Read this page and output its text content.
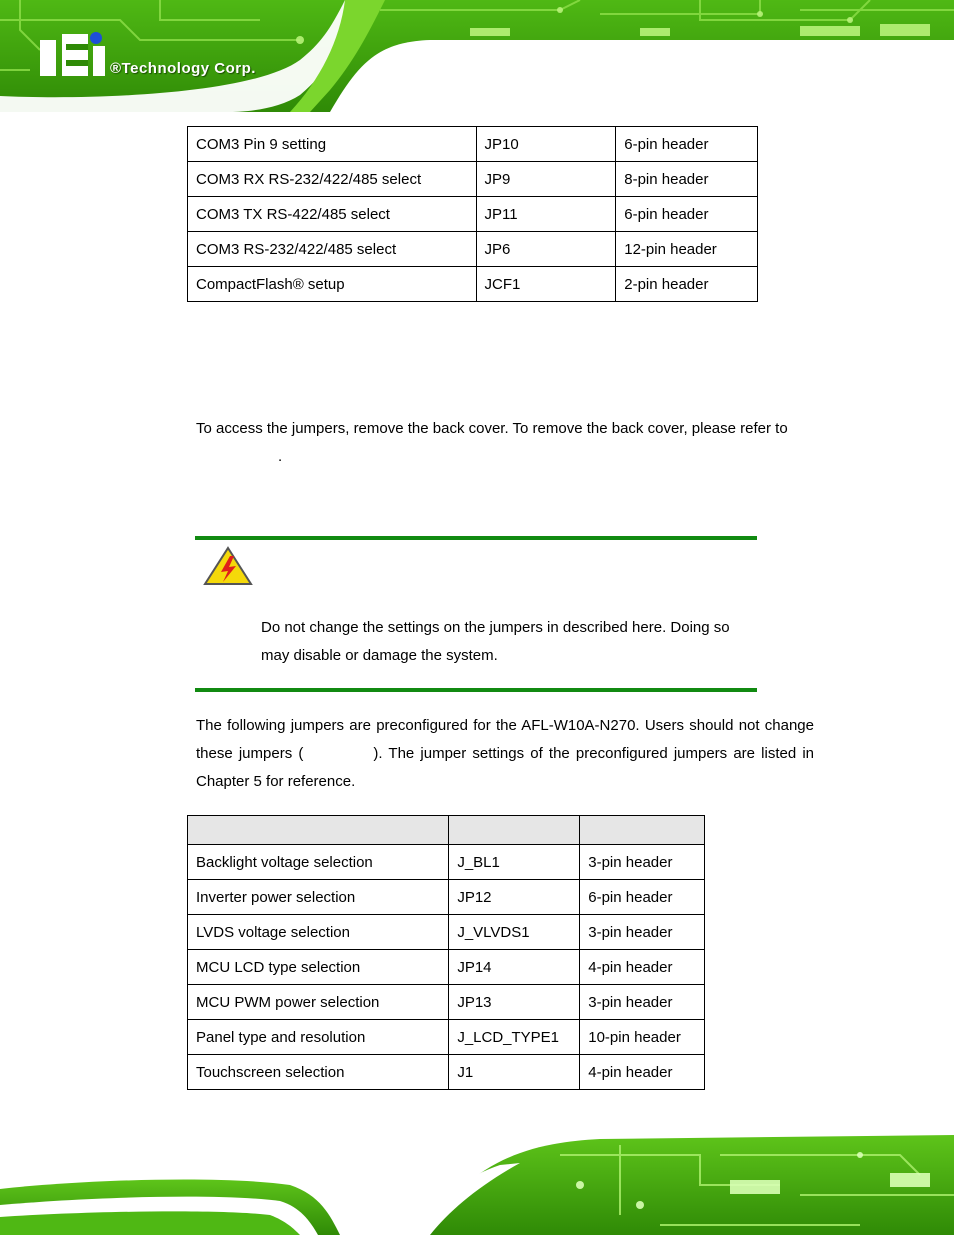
®Technology Corp.
COM3 Pin 9 setting	JP10	6-pin header
COM3 RX RS-232/422/485 select	JP9	8-pin header
COM3 TX RS-422/485 select	JP11	6-pin header
COM3 RS-232/422/485 select	JP6	12-pin header
CompactFlash® setup	JCF1	2-pin header
To access the jumpers, remove the back cover. To remove the back cover, please refer to
.
Do not change the settings on the jumpers in described here. Doing so may disable or damage the system.
The following jumpers are preconfigured for the AFL-W10A-N270. Users should not change these jumpers (	). The jumper settings of the preconfigured jumpers are listed in Chapter 5 for reference.

Backlight voltage selection	J_BL1	3-pin header
Inverter power selection	JP12	6-pin header
LVDS voltage selection	J_VLVDS1	3-pin header
MCU LCD type selection	JP14	4-pin header
MCU PWM power selection	JP13	3-pin header
Panel type and resolution	J_LCD_TYPE1	10-pin header
Touchscreen selection	J1	4-pin header
